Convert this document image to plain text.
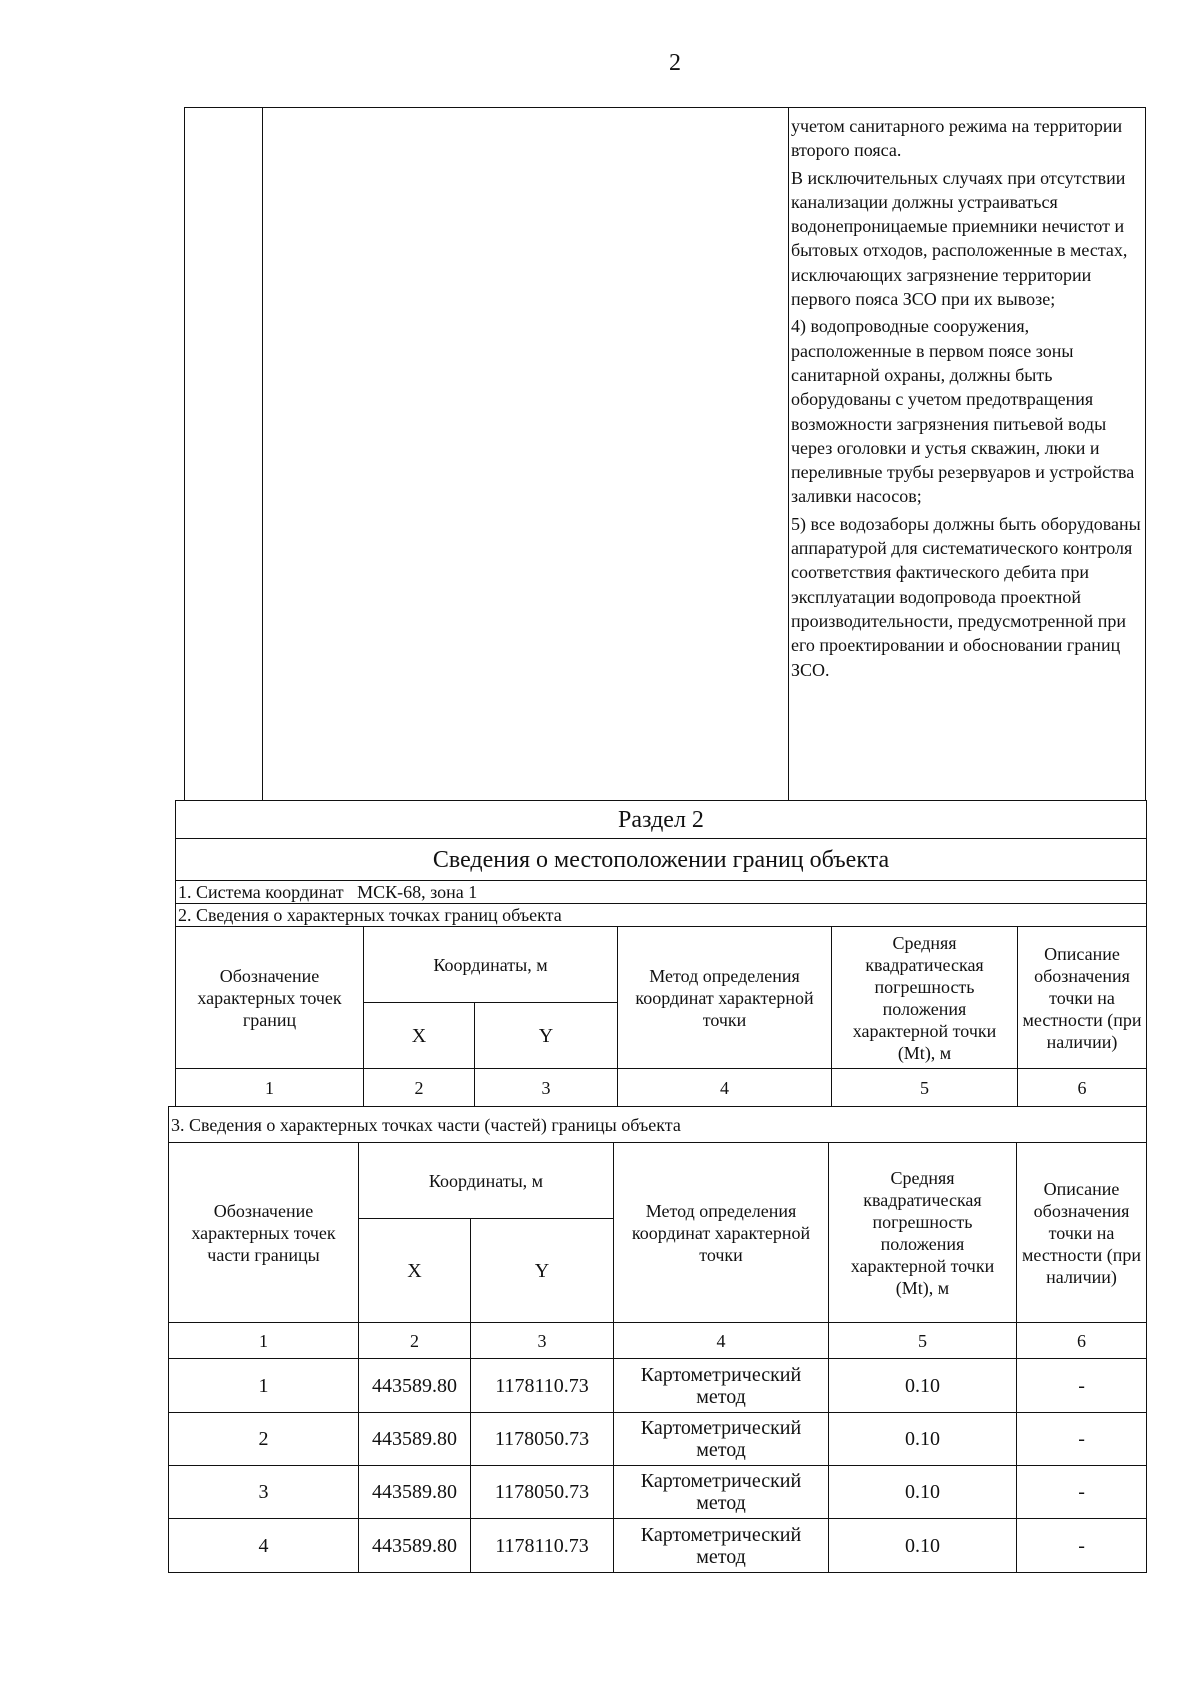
2

учетом санитарного режима на территории второго пояса.

В исключительных случаях при отсутствии канализации должны устраиваться водонепроницаемые приемники нечистот и бытовых отходов, расположенные в местах, исключающих загрязнение территории первого пояса ЗСО при их вывозе;

4) водопроводные сооружения, расположенные в первом поясе зоны санитарной охраны, должны быть оборудованы с учетом предотвращения возможности загрязнения питьевой воды через оголовки и устья скважин, люки и переливные трубы резервуаров и устройства заливки насосов;

5) все водозаборы должны быть оборудованы аппаратурой для систематического контроля соответствия фактического дебита при эксплуатации водопровода проектной производительности, предусмотренной при его проектировании и обосновании границ ЗСО.

Раздел 2
Сведения о местоположении границ объекта
1. Система координат МСК-68, зона 1
2. Сведения о характерных точках границ объекта
Обозначение характерных точек границ	Координаты, м		Метод определения координат характерной точки	Средняя квадратическая погрешность положения характерной точки (Mt), м	Описание обозначения точки на местности (при наличии)
	X	Y			
1	2	3	4	5	6
3. Сведения о характерных точках части (частей) границы объекта					
Обозначение характерных точек части границы	Координаты, м		Метод определения координат характерной точки	Средняя квадратическая погрешность положения характерной точки (Mt), м	Описание обозначения точки на местности (при наличии)
	X	Y			
1	2	3	4	5	6
1	443589.80	1178110.73	Картометрический метод	0.10	-
2	443589.80	1178050.73	Картометрический метод	0.10	-
3	443589.80	1178050.73	Картометрический метод	0.10	-
4	443589.80	1178110.73	Картометрический метод	0.10	-
